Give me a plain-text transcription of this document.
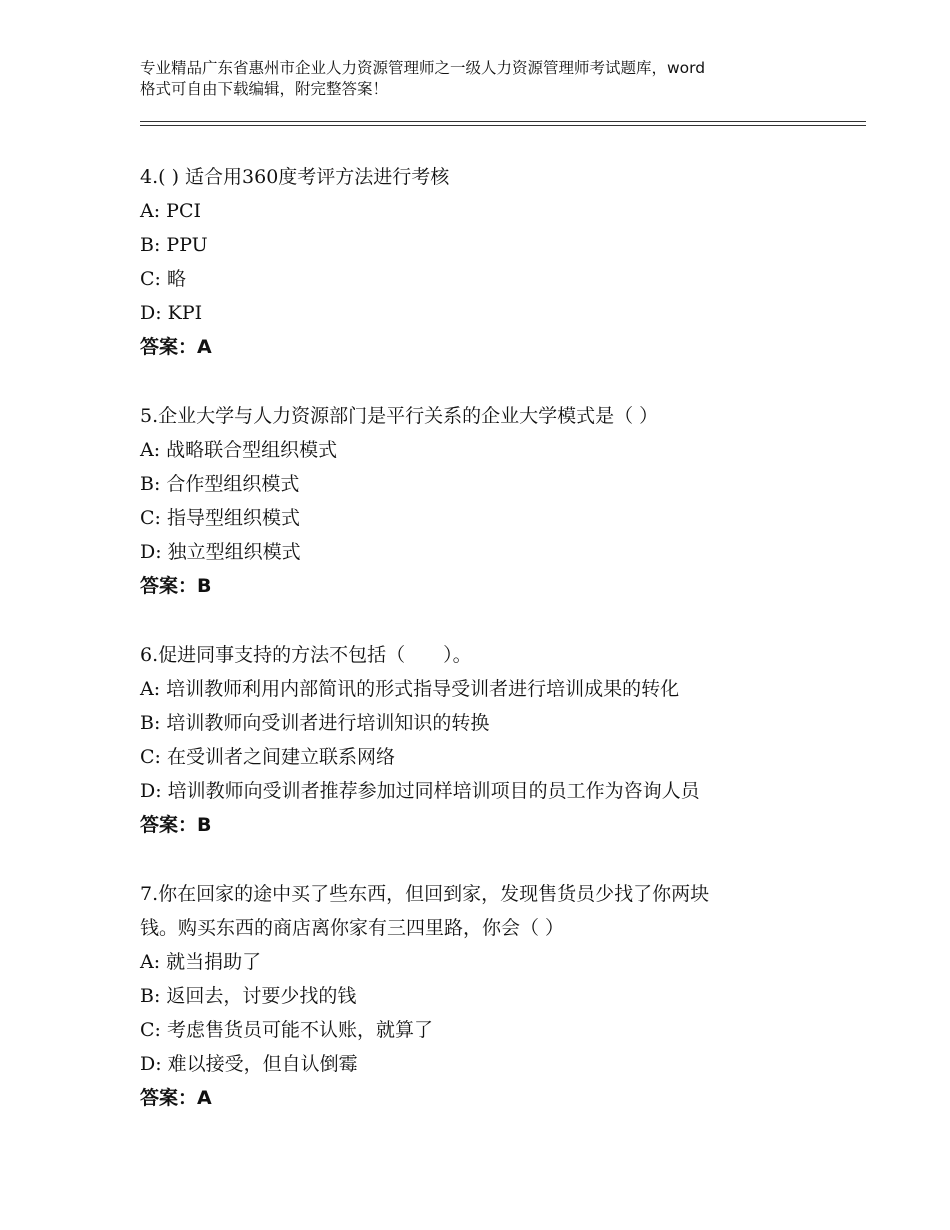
专业精品广东省惠州市企业人力资源管理师之一级人力资源管理师考试题库，word
格式可自由下载编辑，附完整答案！
4.( ) 适合用360度考评方法进行考核
A: PCI
B: PPU
C: 略
D: KPI
答案：A
5.企业大学与人力资源部门是平行关系的企业大学模式是（ ）
A: 战略联合型组织模式
B: 合作型组织模式
C: 指导型组织模式
D: 独立型组织模式
答案：B
6.促进同事支持的方法不包括（　　）。
A: 培训教师利用内部简讯的形式指导受训者进行培训成果的转化
B: 培训教师向受训者进行培训知识的转换
C: 在受训者之间建立联系网络
D: 培训教师向受训者推荐参加过同样培训项目的员工作为咨询人员
答案：B
7.你在回家的途中买了些东西，但回到家，发现售货员少找了你两块
钱。购买东西的商店离你家有三四里路，你会（ ）
A: 就当捐助了
B: 返回去，讨要少找的钱
C: 考虑售货员可能不认账，就算了
D: 难以接受，但自认倒霉
答案：A
